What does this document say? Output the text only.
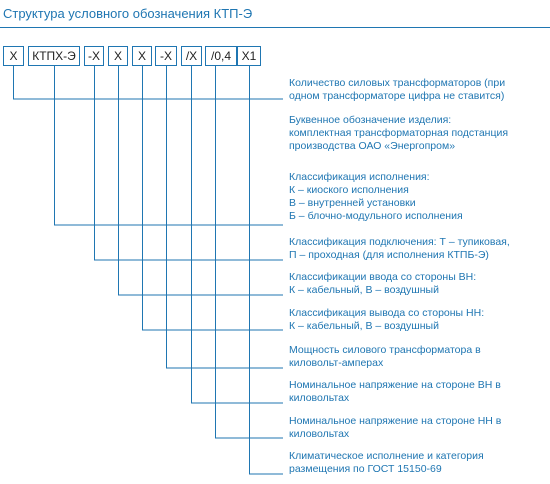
Структура условного обозначения КТП-Э
Х	КТПХ-Э	-Х	Х	Х	-Х	/Х	/0,4 Х1
Количество силовых трансформаторов (при
одном трансформаторе цифра не ставится)
Буквенное обозначение изделия:
комплектная трансформаторная подстанция
производства ОАО «Энергопром»
Классификация исполнения:
К – киоского исполнения
В – внутренней установки
Б – блочно-модульного исполнения
Классификация подключения: Т – тупиковая,
П – проходная (для исполнения КТПБ-Э)
Классификации ввода со стороны ВН:
К – кабельный, В – воздушный
Классификация вывода со стороны НН:
К – кабельный, В – воздушный
Мощность силового трансформатора в
киловольт-амперах
Номинальное напряжение на стороне ВН в
киловольтах
Номинальное напряжение на стороне НН в
киловольтах
Климатическое исполнение и категория
размещения по ГОСТ 15150-69
